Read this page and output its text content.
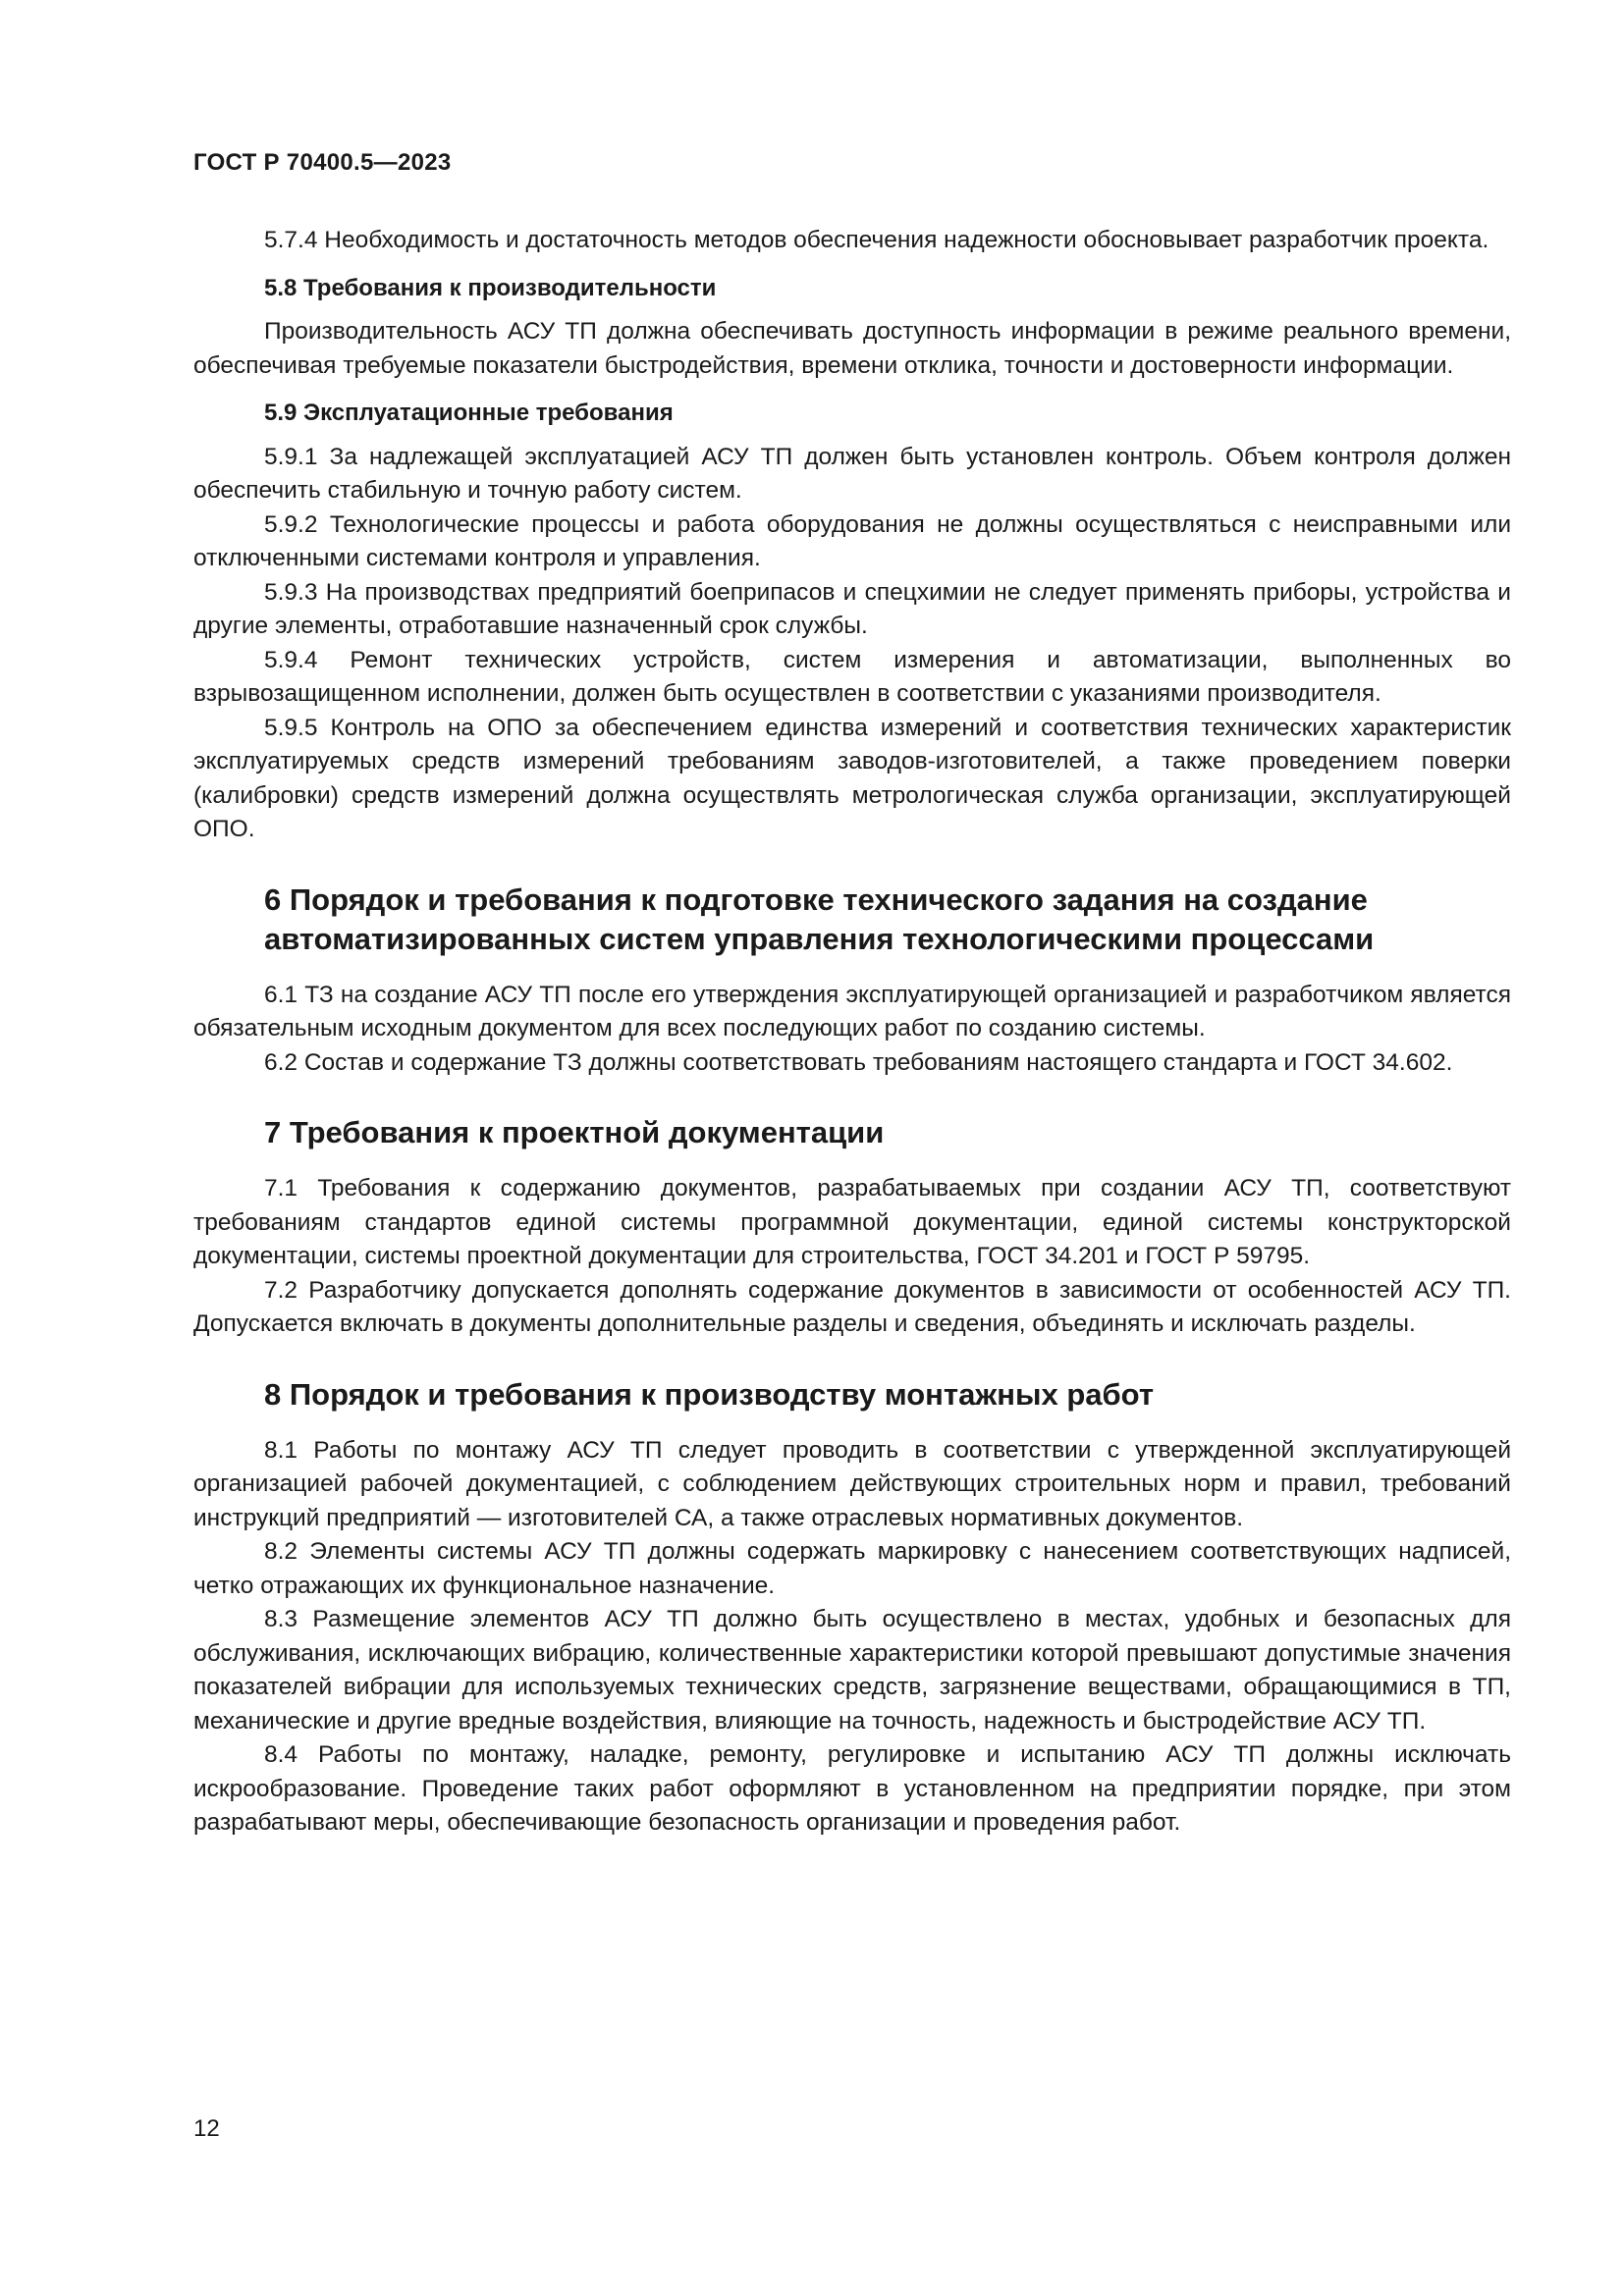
ГОСТ Р 70400.5—2023

5.7.4 Необходимость и достаточность методов обеспечения надежности обосновывает разработчик проекта.

5.8 Требования к производительности

Производительность АСУ ТП должна обеспечивать доступность информации в режиме реального времени, обеспечивая требуемые показатели быстродействия, времени отклика, точности и достоверности информации.

5.9 Эксплуатационные требования

5.9.1 За надлежащей эксплуатацией АСУ ТП должен быть установлен контроль. Объем контроля должен обеспечить стабильную и точную работу систем.

5.9.2 Технологические процессы и работа оборудования не должны осуществляться с неисправными или отключенными системами контроля и управления.

5.9.3 На производствах предприятий боеприпасов и спецхимии не следует применять приборы, устройства и другие элементы, отработавшие назначенный срок службы.

5.9.4 Ремонт технических устройств, систем измерения и автоматизации, выполненных во взрывозащищенном исполнении, должен быть осуществлен в соответствии с указаниями производителя.

5.9.5 Контроль на ОПО за обеспечением единства измерений и соответствия технических характеристик эксплуатируемых средств измерений требованиям заводов-изготовителей, а также проведением поверки (калибровки) средств измерений должна осуществлять метрологическая служба организации, эксплуатирующей ОПО.

6 Порядок и требования к подготовке технического задания на создание автоматизированных систем управления технологическими процессами

6.1 ТЗ на создание АСУ ТП после его утверждения эксплуатирующей организацией и разработчиком является обязательным исходным документом для всех последующих работ по созданию системы.

6.2 Состав и содержание ТЗ должны соответствовать требованиям настоящего стандарта и ГОСТ 34.602.

7 Требования к проектной документации

7.1 Требования к содержанию документов, разрабатываемых при создании АСУ ТП, соответствуют требованиям стандартов единой системы программной документации, единой системы конструкторской документации, системы проектной документации для строительства, ГОСТ 34.201 и ГОСТ Р 59795.

7.2 Разработчику допускается дополнять содержание документов в зависимости от особенностей АСУ ТП. Допускается включать в документы дополнительные разделы и сведения, объединять и исключать разделы.

8 Порядок и требования к производству монтажных работ

8.1 Работы по монтажу АСУ ТП следует проводить в соответствии с утвержденной эксплуатирующей организацией рабочей документацией, с соблюдением действующих строительных норм и правил, требований инструкций предприятий — изготовителей СА, а также отраслевых нормативных документов.

8.2 Элементы системы АСУ ТП должны содержать маркировку с нанесением соответствующих надписей, четко отражающих их функциональное назначение.

8.3 Размещение элементов АСУ ТП должно быть осуществлено в местах, удобных и безопасных для обслуживания, исключающих вибрацию, количественные характеристики которой превышают допустимые значения показателей вибрации для используемых технических средств, загрязнение веществами, обращающимися в ТП, механические и другие вредные воздействия, влияющие на точность, надежность и быстродействие АСУ ТП.

8.4 Работы по монтажу, наладке, ремонту, регулировке и испытанию АСУ ТП должны исключать искрообразование. Проведение таких работ оформляют в установленном на предприятии порядке, при этом разрабатывают меры, обеспечивающие безопасность организации и проведения работ.

12
